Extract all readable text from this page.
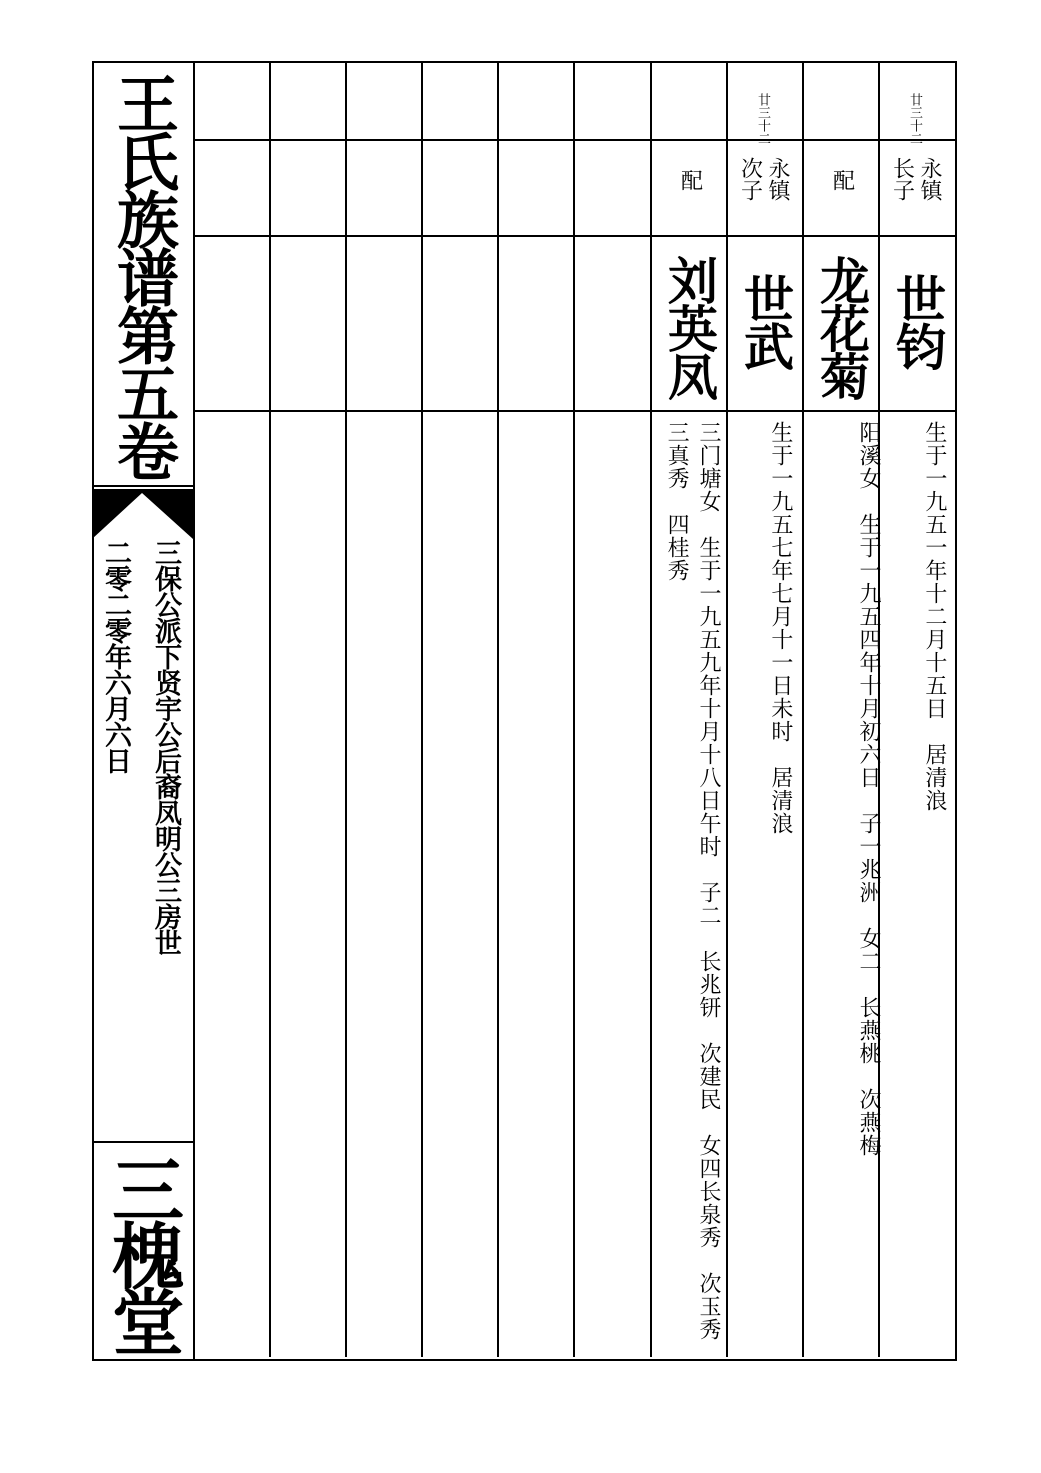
王氏族谱第五卷
三保公派下贤宇公后裔凤明公三房世
二零二零年六月六日
三槐堂
廿三十二
永镇长子
世钧
生于一九五一年十二月十五日　居清浪
配
龙花菊
阳溪女　生于一九五四年十月初六日　子一兆洲　女二　长燕桃　次燕梅
廿三十二
永镇次子
世武
生于一九五七年七月十一日未时　居清浪
配
刘英凤
三门塘女　生于一九五九年十月十八日午时　子二　长兆钘　次建民　女四长泉秀　次玉秀　三真秀　四桂秀
